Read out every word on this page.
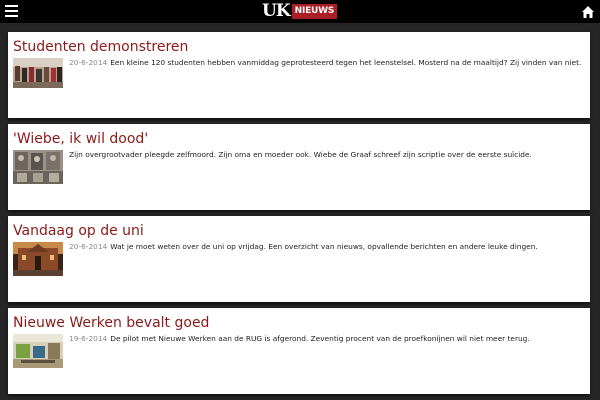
UK NIEUWS
Studenten demonstreren
20-6-2014 Een kleine 120 studenten hebben vanmiddag geprotesteerd tegen het leenstelsel. Mosterd na de maaltijd? Zij vinden van niet.
'Wiebe, ik wil dood'
Zijn overgrootvader pleegde zelfmoord. Zijn oma en moeder ook. Wiebe de Graaf schreef zijn scriptie over de eerste suïcide.
Vandaag op de uni
20-6-2014 Wat je moet weten over de uni op vrijdag. Een overzicht van nieuws, opvallende berichten en andere leuke dingen.
Nieuwe Werken bevalt goed
19-6-2014 De pilot met Nieuwe Werken aan de RUG is afgerond. Zeventig procent van de proefkonijnen wil niet meer terug.
